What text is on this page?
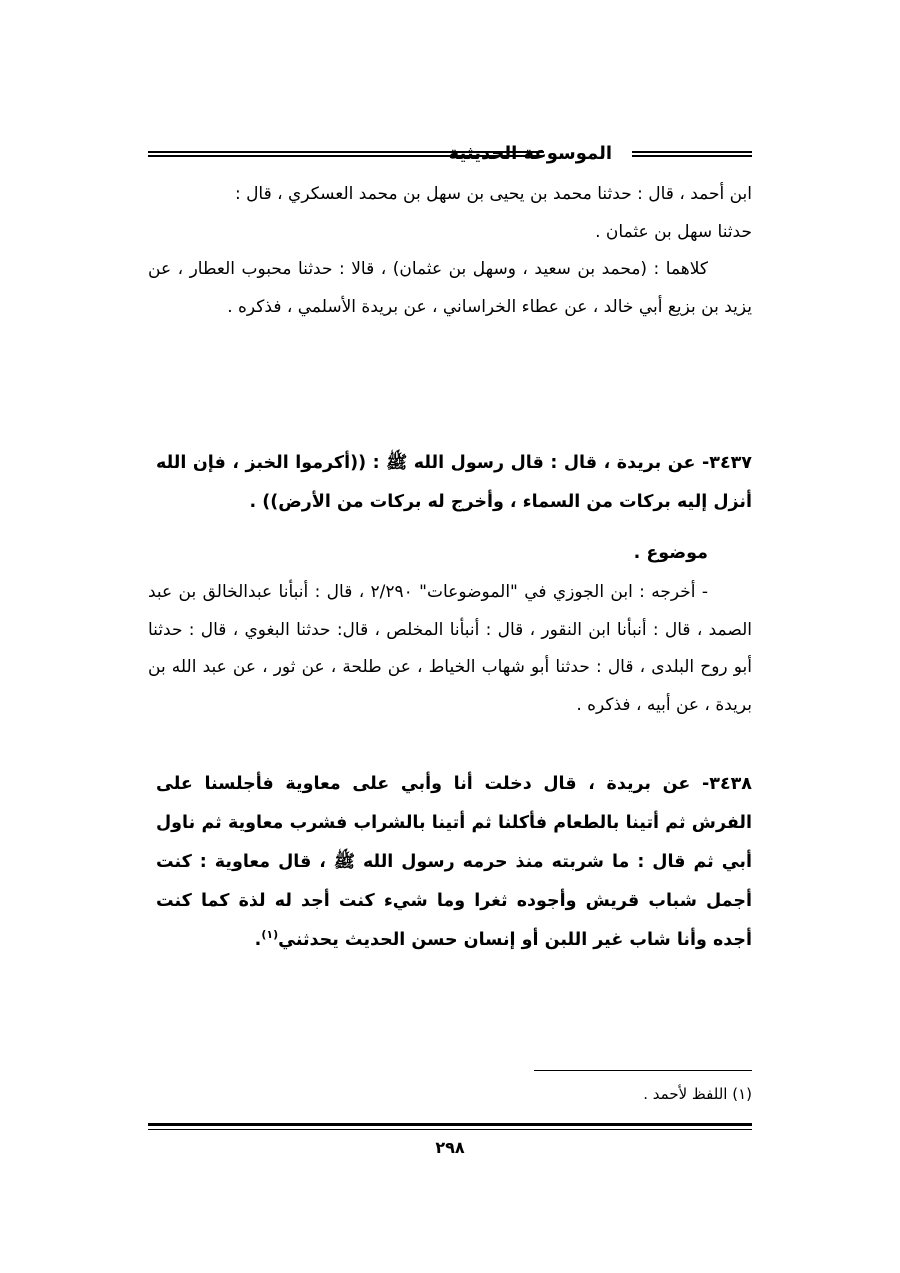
الموسوعة الحديثية

ابن أحمد ، قال : حدثنا محمد بن يحيى بن سهل بن محمد العسكري ، قال :

حدثنا سهل بن عثمان .

كلاهما : (محمد بن سعيد ، وسهل بن عثمان) ، قالا : حدثنا محبوب العطار ، عن يزيد بن بزيع أبي خالد ، عن عطاء الخراساني ، عن بريدة الأسلمي ، فذكره .

٣٤٣٧- عن بريدة ، قال : قال رسول الله ﷺ : ((أكرموا الخبز ، فإن الله أنزل إليه بركات من السماء ، وأخرج له بركات من الأرض)) .

موضوع .

- أخرجه : ابن الجوزي في "الموضوعات" ٢/٢٩٠ ، قال : أنبأنا عبدالخالق بن عبد الصمد ، قال : أنبأنا ابن النقور ، قال : أنبأنا المخلص ، قال: حدثنا البغوي ، قال : حدثنا أبو روح البلدى ، قال : حدثنا أبو شهاب الخياط ، عن طلحة ، عن ثور ، عن عبد الله بن بريدة ، عن أبيه ، فذكره .

٣٤٣٨- عن بريدة ، قال دخلت أنا وأبي على معاوية فأجلسنا على الفرش ثم أتينا بالطعام فأكلنا ثم أتينا بالشراب فشرب معاوية ثم ناول أبي ثم قال : ما شربته منذ حرمه رسول الله ﷺ ، قال معاوية : كنت أجمل شباب قريش وأجوده ثغرا وما شيء كنت أجد له لذة كما كنت أجده وأنا شاب غير اللبن أو إنسان حسن الحديث يحدثني$^{(١)}$.

(١) اللفظ لأحمد .
٢٩٨
